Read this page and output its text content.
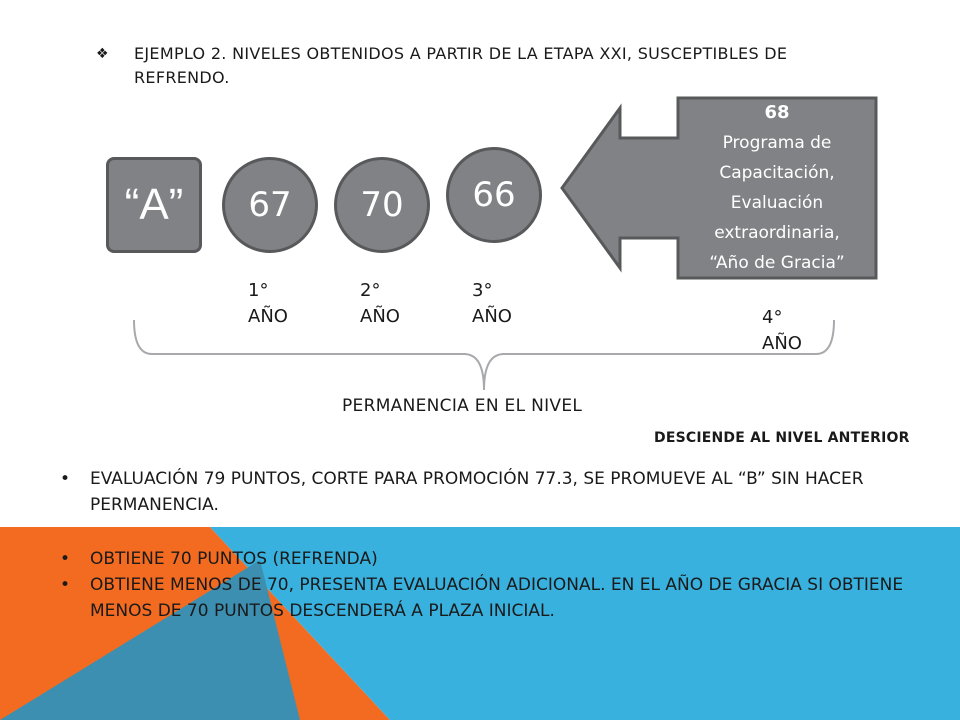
❖	EJEMPLO 2. NIVELES OBTENIDOS A PARTIR DE LA ETAPA XXI, SUSCEPTIBLES DE REFRENDO.
“A”	67	70	66
68
Programa de Capacitación,
Evaluación extraordinaria,
“Año de Gracia”
1° AÑO
2° AÑO
3° AÑO	4° AÑO
PERMANENCIA EN EL NIVEL
DESCIENDE AL NIVEL ANTERIOR
• EVALUACIÓN 79 PUNTOS, CORTE PARA PROMOCIÓN 77.3, SE PROMUEVE AL “B” SIN HACER PERMANENCIA.
• OBTIENE 70 PUNTOS (REFRENDA)
• OBTIENE MENOS DE 70, PRESENTA EVALUACIÓN ADICIONAL. EN EL AÑO DE GRACIA SI OBTIENE MENOS DE 70 PUNTOS DESCENDERÁ A PLAZA INICIAL.
